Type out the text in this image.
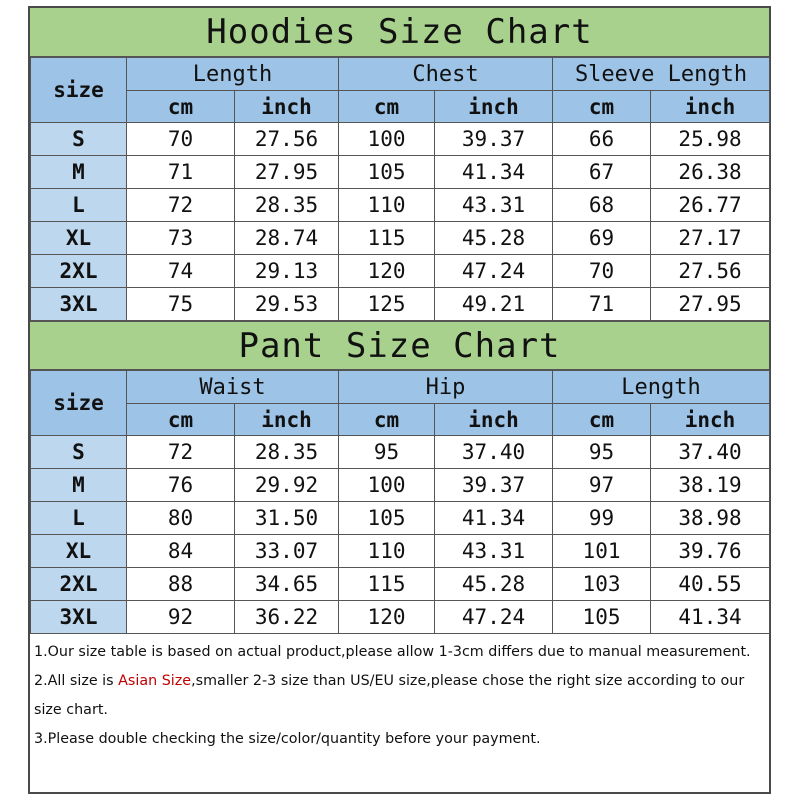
Hoodies Size Chart
size	Length		Chest		Sleeve Length	
	cm	inch	cm	inch	cm	inch
S	70	27.56	100	39.37	66	25.98
M	71	27.95	105	41.34	67	26.38
L	72	28.35	110	43.31	68	26.77
XL	73	28.74	115	45.28	69	27.17
2XL	74	29.13	120	47.24	70	27.56
3XL	75	29.53	125	49.21	71	27.95
Pant Size Chart
size	Waist		Hip		Length	
	cm	inch	cm	inch	cm	inch
S	72	28.35	95	37.40	95	37.40
M	76	29.92	100	39.37	97	38.19
L	80	31.50	105	41.34	99	38.98
XL	84	33.07	110	43.31	101	39.76
2XL	88	34.65	115	45.28	103	40.55
3XL	92	36.22	120	47.24	105	41.34

1.Our size table is based on actual product,please allow 1-3cm differs due to manual measurement.

2.All size is Asian Size,smaller 2-3 size than US/EU size,please chose the right size according to our size chart.

3.Please double checking the size/color/quantity before your payment.
